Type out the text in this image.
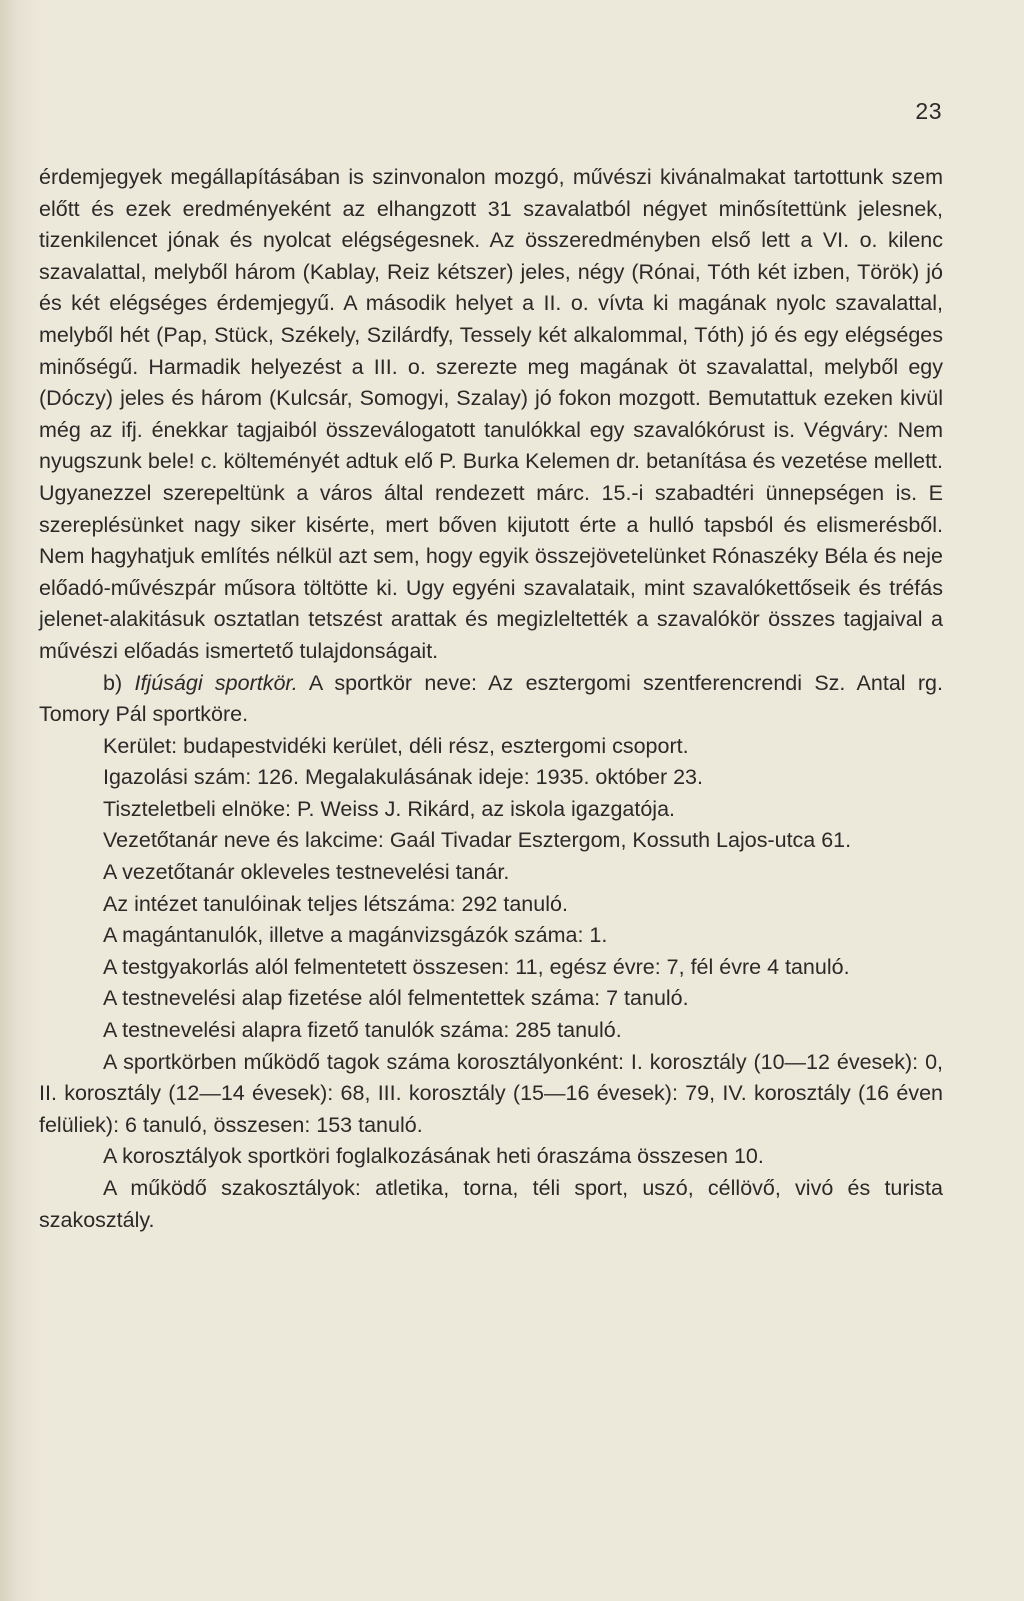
23

érdemjegyek megállapításában is szinvonalon mozgó, művészi kivánalmakat tartottunk szem előtt és ezek eredményeként az elhangzott 31 szavalatból négyet minősítettünk jelesnek, tizenkilencet jónak és nyolcat elégségesnek. Az összeredményben első lett a VI. o. kilenc szavalattal, melyből három (Kablay, Reiz kétszer) jeles, négy (Rónai, Tóth két izben, Török) jó és két elégséges érdemjegyű. A második helyet a II. o. vívta ki magának nyolc szavalattal, melyből hét (Pap, Stück, Székely, Szilárdfy, Tessely két alkalommal, Tóth) jó és egy elégséges minőségű. Harmadik helyezést a III. o. szerezte meg magának öt szavalattal, melyből egy (Dóczy) jeles és három (Kulcsár, Somogyi, Szalay) jó fokon mozgott. Bemutattuk ezeken kivül még az ifj. énekkar tagjaiból összeválogatott tanulókkal egy szavalókórust is. Végváry: Nem nyugszunk bele! c. költeményét adtuk elő P. Burka Kelemen dr. betanítása és vezetése mellett. Ugyanezzel szerepeltünk a város által rendezett márc. 15.-i szabadtéri ünnepségen is. E szereplésünket nagy siker kisérte, mert bőven kijutott érte a hulló tapsból és elismerésből. Nem hagyhatjuk említés nélkül azt sem, hogy egyik összejövetelünket Rónaszéky Béla és neje előadó-művészpár műsora töltötte ki. Ugy egyéni szavalataik, mint szavalókettőseik és tréfás jelenet-alakitásuk osztatlan tetszést arattak és megizleltették a szavalókör összes tagjaival a művészi előadás ismertető tulajdonságait.

b) Ifjúsági sportkör. A sportkör neve: Az esztergomi szentferencrendi Sz. Antal rg. Tomory Pál sportköre.

Kerület: budapestvidéki kerület, déli rész, esztergomi csoport.

Igazolási szám: 126. Megalakulásának ideje: 1935. október 23.

Tiszteletbeli elnöke: P. Weiss J. Rikárd, az iskola igazgatója.

Vezetőtanár neve és lakcime: Gaál Tivadar Esztergom, Kossuth Lajos-utca 61.

A vezetőtanár okleveles testnevelési tanár.

Az intézet tanulóinak teljes létszáma: 292 tanuló.

A magántanulók, illetve a magánvizsgázók száma: 1.

A testgyakorlás alól felmentetett összesen: 11, egész évre: 7, fél évre 4 tanuló.

A testnevelési alap fizetése alól felmentettek száma: 7 tanuló.

A testnevelési alapra fizető tanulók száma: 285 tanuló.

A sportkörben működő tagok száma korosztályonként: I. korosztály (10—12 évesek): 0, II. korosztály (12—14 évesek): 68, III. korosztály (15—16 évesek): 79, IV. korosztály (16 éven felüliek): 6 tanuló, összesen: 153 tanuló.

A korosztályok sportköri foglalkozásának heti óraszáma összesen 10.

A működő szakosztályok: atletika, torna, téli sport, uszó, céllövő, vivó és turista szakosztály.
